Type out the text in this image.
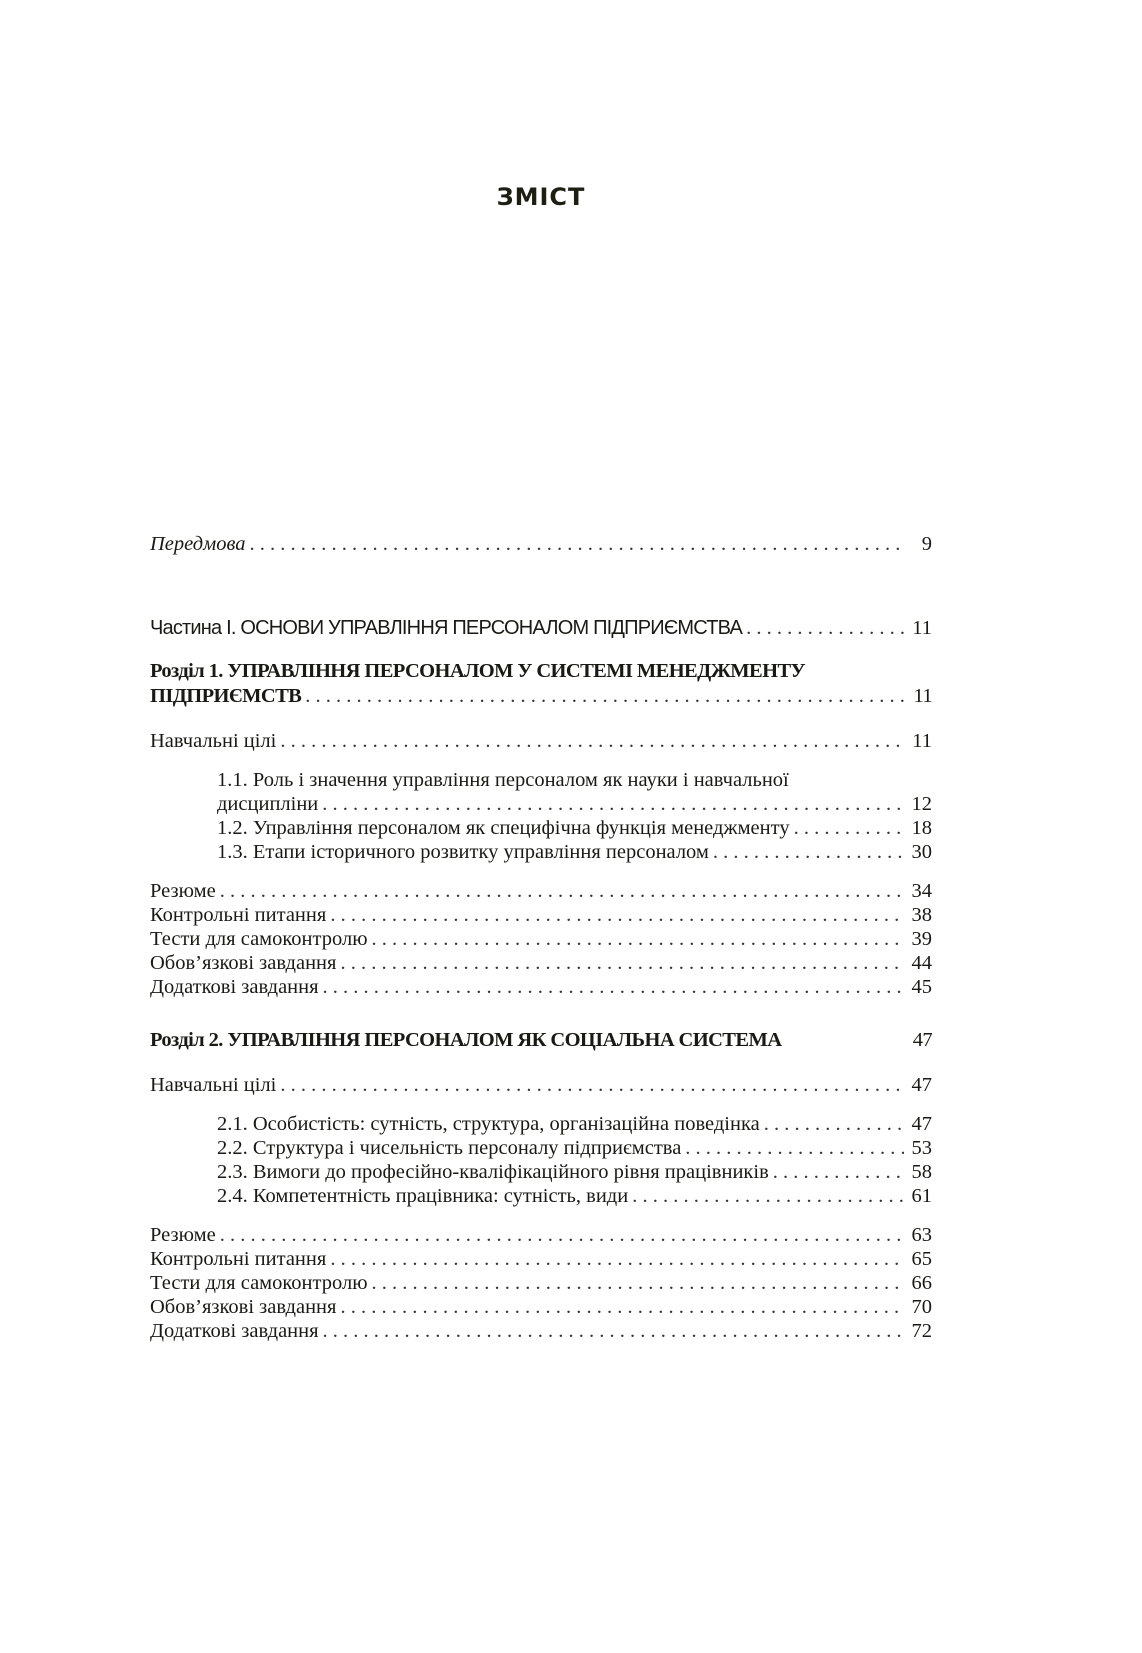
ЗМІСТ
Передмова . . .	9
Частина І. ОСНОВИ УПРАВЛІННЯ ПЕРСОНАЛОМ ПІДПРИЄМСТВА . . .	11
Розділ 1. УПРАВЛІННЯ ПЕРСОНАЛОМ У СИСТЕМІ МЕНЕДЖМЕНТУ
ПІДПРИЄМСТВ . . .	11
Навчальні цілі . . .	11
1.1. Роль і значення управління персоналом як науки і навчальної
дисципліни . . .	12
1.2. Управління персоналом як специфічна функція менеджменту . . .	18
1.3. Етапи історичного розвитку управління персоналом . . .	30
Резюме . . .	34
Контрольні питання . . .	38
Тести для самоконтролю . . .	39
Обов’язкові завдання . . .	44
Додаткові завдання . . .	45
Розділ 2. УПРАВЛІННЯ ПЕРСОНАЛОМ ЯК СОЦІАЛЬНА СИСТЕМА	47
Навчальні цілі . . .	47
2.1. Особистість: сутність, структура, організаційна поведінка . . .	47
2.2. Структура і чисельність персоналу підприємства . . .	53
2.3. Вимоги до професійно-кваліфікаційного рівня працівників . . .	58
2.4. Компетентність працівника: сутність, види . . .	61
Резюме . . .	63
Контрольні питання . . .	65
Тести для самоконтролю . . .	66
Обов’язкові завдання . . .	70
Додаткові завдання . . .	72
